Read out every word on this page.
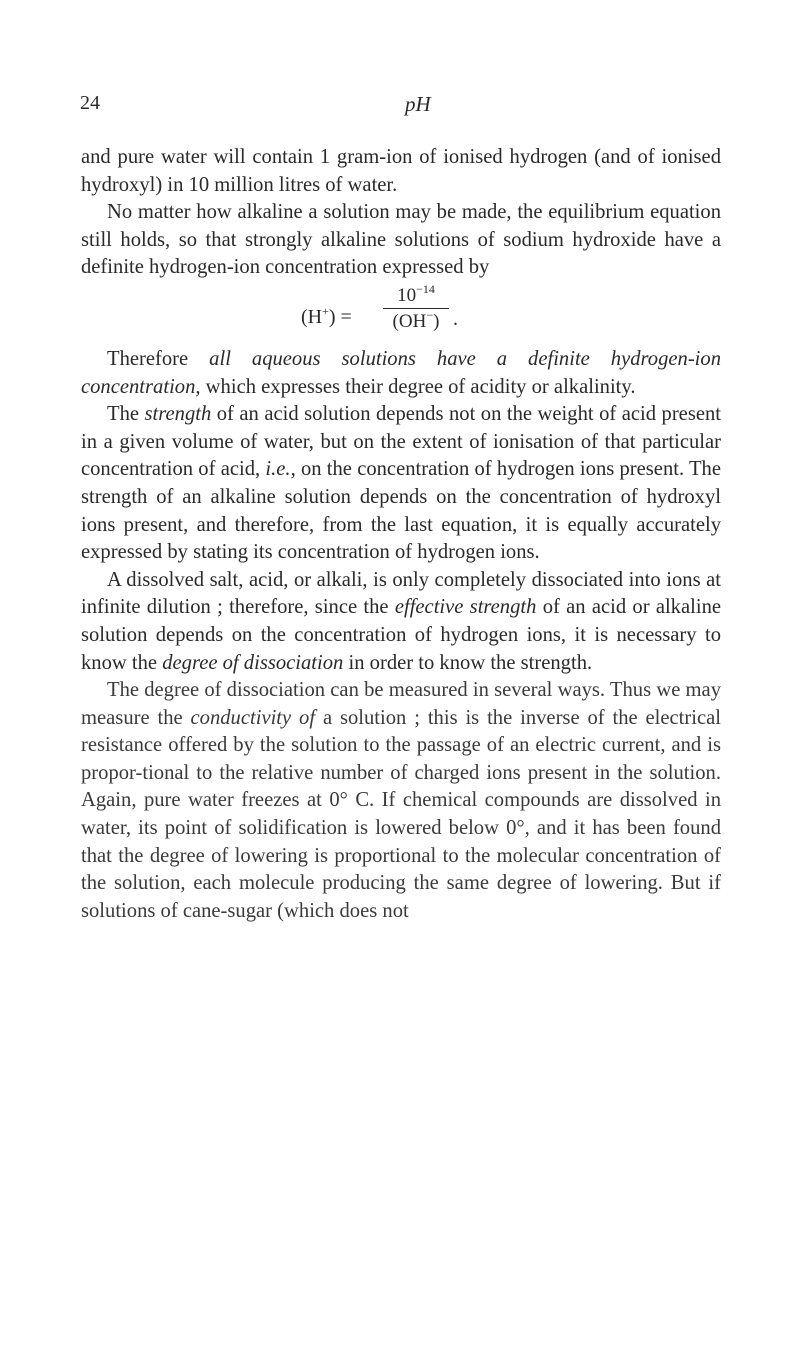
24	pH

and pure water will contain 1 gram-ion of ionised hydrogen (and of ionised hydroxyl) in 10 million litres of water.

No matter how alkaline a solution may be made, the equilibrium equation still holds, so that strongly alkaline solutions of sodium hydroxide have a definite hydrogen-ion concentration expressed by

(H+) =
$10^{-14}$
(OH−) .

Therefore all aqueous solutions have a definite hydrogen-ion concentration, which expresses their degree of acidity or alkalinity.

The strength of an acid solution depends not on the weight of acid present in a given volume of water, but on the extent of ionisation of that particular concentration of acid, i.e., on the concentration of hydrogen ions present. The strength of an alkaline solution depends on the concentration of hydroxyl ions present, and therefore, from the last equation, it is equally accurately expressed by stating its concentration of hydrogen ions.

A dissolved salt, acid, or alkali, is only completely dissociated into ions at infinite dilution ; therefore, since the effective strength of an acid or alkaline solution depends on the concentration of hydrogen ions, it is necessary to know the degree of dissociation in order to know the strength.

The degree of dissociation can be measured in several ways. Thus we may measure the conductivity of a solution ; this is the inverse of the electrical resistance offered by the solution to the passage of an electric current, and is propor-tional to the relative number of charged ions present in the solution. Again, pure water freezes at 0° C. If chemical compounds are dissolved in water, its point of solidification is lowered below 0°, and it has been found that the degree of lowering is proportional to the molecular concentration of the solution, each molecule producing the same degree of lowering. But if solutions of cane-sugar (which does not
